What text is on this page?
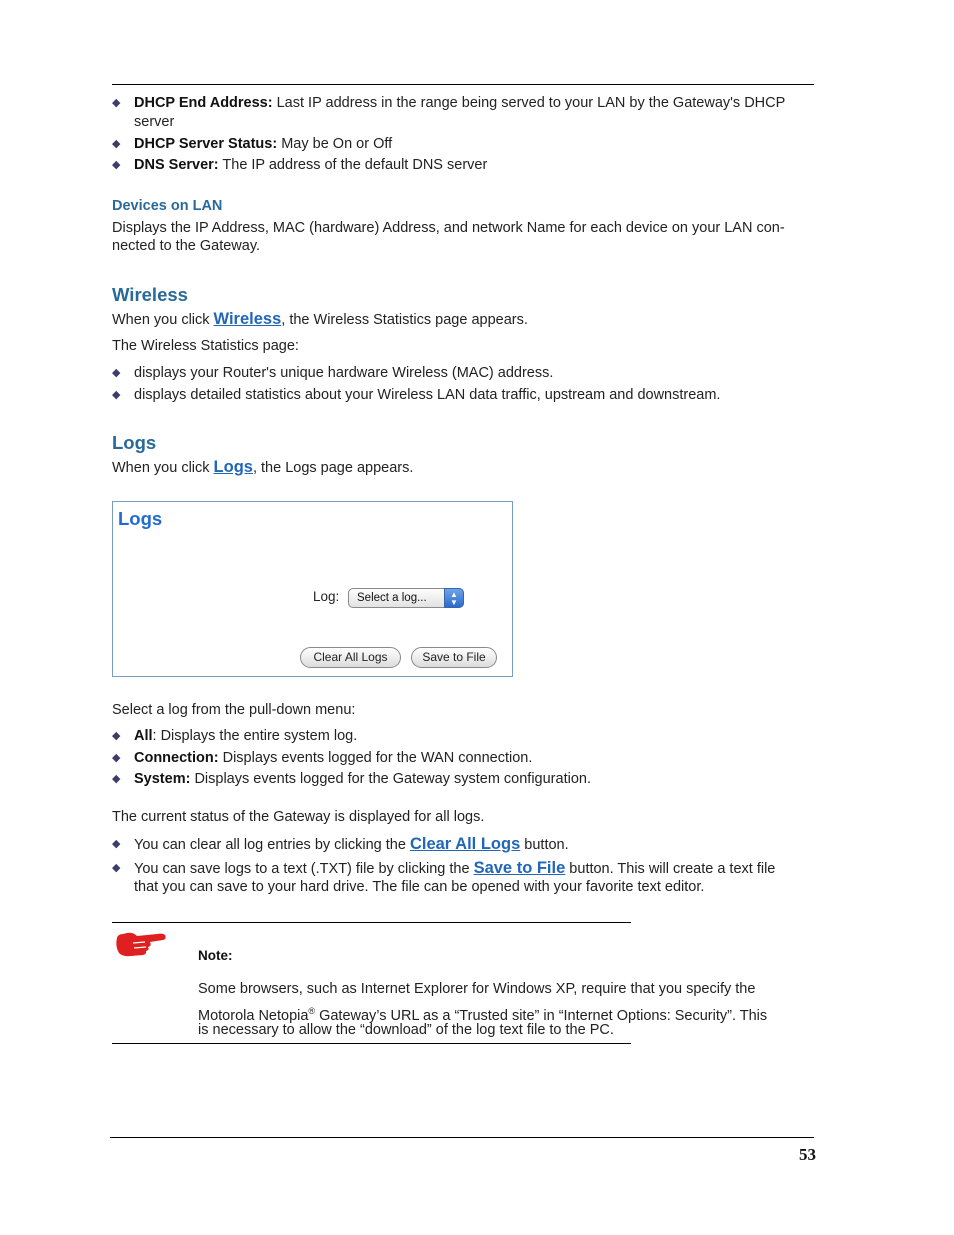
◆ DHCP End Address: Last IP address in the range being served to your LAN by the Gateway's DHCP
server
◆ DHCP Server Status: May be On or Off
◆ DNS Server: The IP address of the default DNS server
Devices on LAN
Displays the IP Address, MAC (hardware) Address, and network Name for each device on your LAN con-
nected to the Gateway.
Wireless
When you click Wireless, the Wireless Statistics page appears.
The Wireless Statistics page:
◆ displays your Router's unique hardware Wireless (MAC) address.
◆ displays detailed statistics about your Wireless LAN data traffic, upstream and downstream.
Logs
When you click Logs, the Logs page appears.
Logs
Log:	Select a log...	▲
▼
Clear All Logs	Save to File
Select a log from the pull-down menu:
◆ All: Displays the entire system log.
◆ Connection: Displays events logged for the WAN connection.
◆ System: Displays events logged for the Gateway system configuration.
The current status of the Gateway is displayed for all logs.
◆ You can clear all log entries by clicking the Clear All Logs button.
◆ You can save logs to a text (.TXT) file by clicking the Save to File button. This will create a text file
that you can save to your hard drive. The file can be opened with your favorite text editor.
Note:
Some browsers, such as Internet Explorer for Windows XP, require that you specify the
Motorola Netopia® Gateway’s URL as a “Trusted site” in “Internet Options: Security”. This
is necessary to allow the “download” of the log text file to the PC.
53
